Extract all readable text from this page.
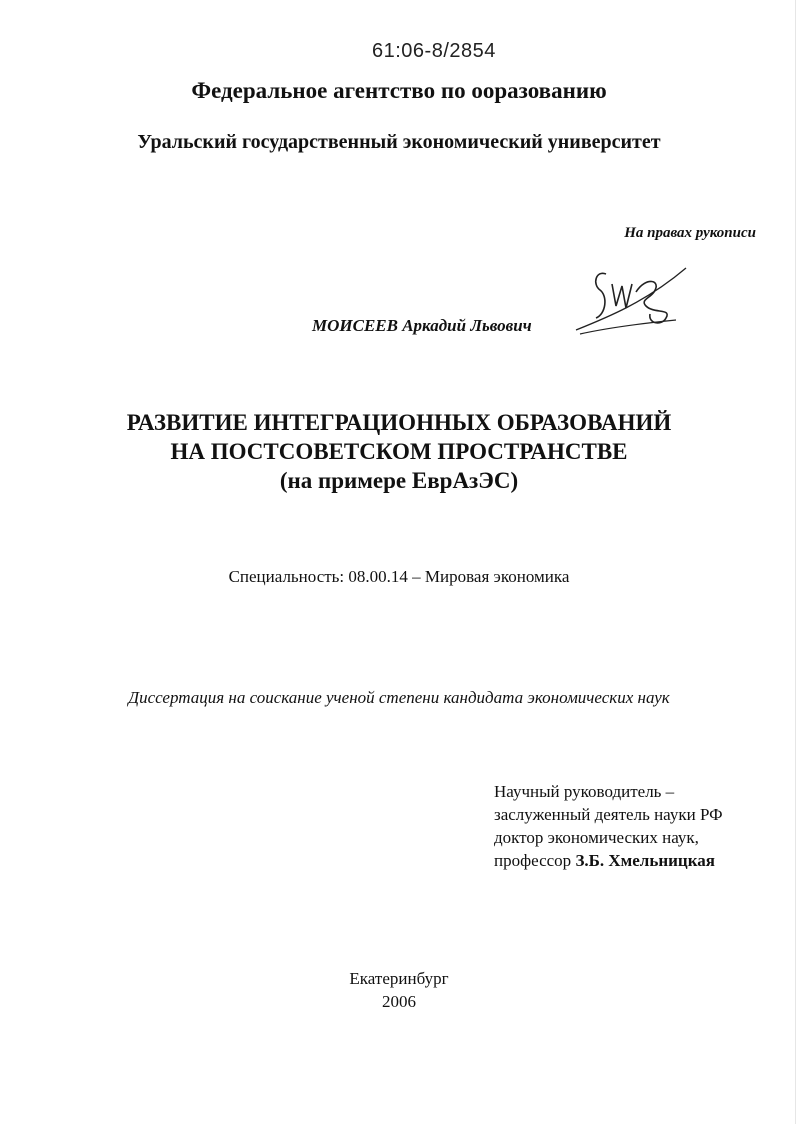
61:06-8/2854
Федеральное агентство по ооразованию
Уральский государственный экономический университет
На правах рукописи
МОИСЕЕВ Аркадий Львович
РАЗВИТИЕ ИНТЕГРАЦИОННЫХ ОБРАЗОВАНИЙ
НА ПОСТСОВЕТСКОМ ПРОСТРАНСТВЕ
(на примере ЕврАзЭС)
Специальность: 08.00.14 – Мировая экономика
Диссертация на соискание ученой степени кандидата экономических наук
Научный руководитель –
заслуженный деятель науки РФ
доктор экономических наук,
профессор З.Б. Хмельницкая
Екатеринбург
2006
